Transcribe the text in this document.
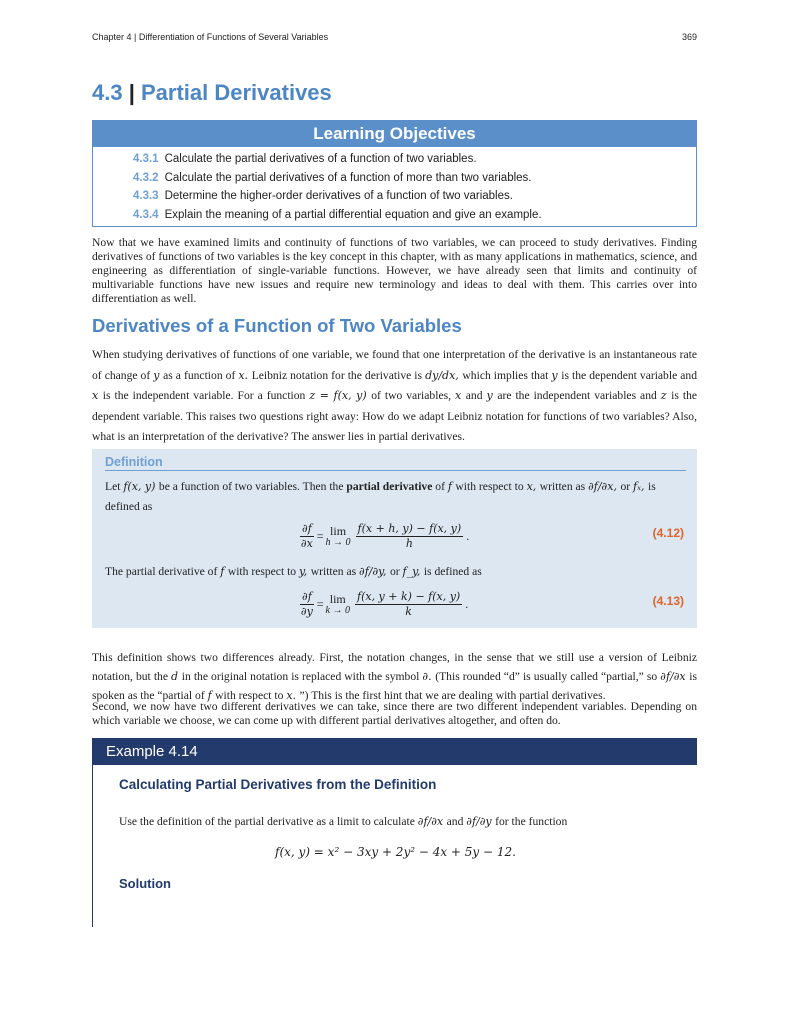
Chapter 4 | Differentiation of Functions of Several Variables	369
4.3 | Partial Derivatives
Learning Objectives
4.3.1 Calculate the partial derivatives of a function of two variables.
4.3.2 Calculate the partial derivatives of a function of more than two variables.
4.3.3 Determine the higher-order derivatives of a function of two variables.
4.3.4 Explain the meaning of a partial differential equation and give an example.
Now that we have examined limits and continuity of functions of two variables, we can proceed to study derivatives. Finding derivatives of functions of two variables is the key concept in this chapter, with as many applications in mathematics, science, and engineering as differentiation of single-variable functions. However, we have already seen that limits and continuity of multivariable functions have new issues and require new terminology and ideas to deal with them. This carries over into differentiation as well.
Derivatives of a Function of Two Variables
When studying derivatives of functions of one variable, we found that one interpretation of the derivative is an instantaneous rate of change of y as a function of x. Leibniz notation for the derivative is dy/dx, which implies that y is the dependent variable and x is the independent variable. For a function z = f(x, y) of two variables, x and y are the independent variables and z is the dependent variable. This raises two questions right away: How do we adapt Leibniz notation for functions of two variables? Also, what is an interpretation of the derivative? The answer lies in partial derivatives.
Definition
Let f(x, y) be a function of two variables. Then the partial derivative of f with respect to x, written as ∂f/∂x, or fₓ, is defined as
$\frac{\partial f}{\partial x} = \lim$
$h \to 0 \frac{f(x + h, y) - f(x, y)}{h}$ .	(4.12)
The partial derivative of f with respect to y, written as ∂f/∂y, or f_y, is defined as
$\frac{\partial f}{\partial y} = \lim$
$k \to 0 \frac{f(x, y + k) - f(x, y)}{k}$ .	(4.13)
This definition shows two differences already. First, the notation changes, in the sense that we still use a version of Leibniz notation, but the d in the original notation is replaced with the symbol ∂. (This rounded “d” is usually called “partial,” so ∂f/∂x is spoken as the “partial of f with respect to x. ”) This is the first hint that we are dealing with partial derivatives.
Second, we now have two different derivatives we can take, since there are two different independent variables. Depending on which variable we choose, we can come up with different partial derivatives altogether, and often do.
Example 4.14
Calculating Partial Derivatives from the Definition
Use the definition of the partial derivative as a limit to calculate ∂f/∂x and ∂f/∂y for the function
f(x, y) = x² − 3xy + 2y² − 4x + 5y − 12.
Solution
